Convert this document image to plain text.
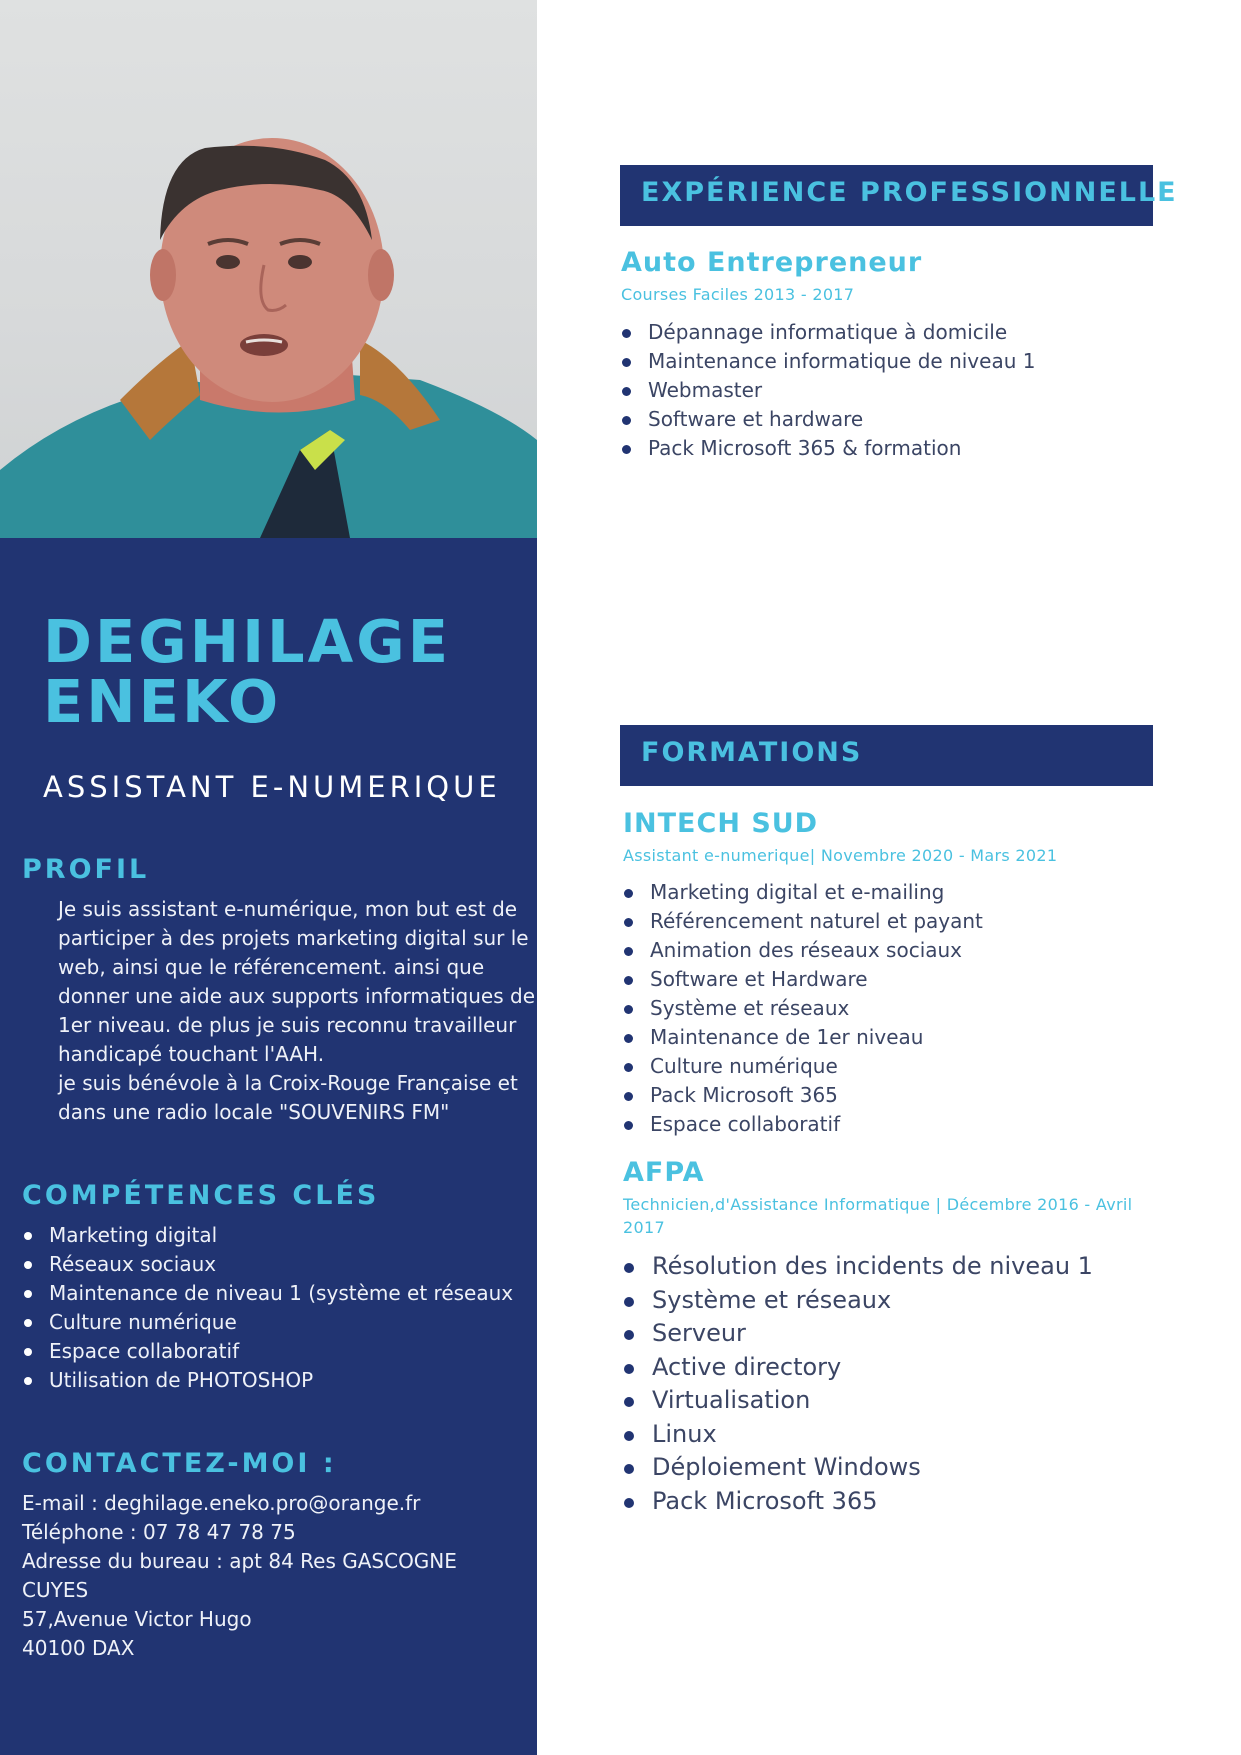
DEGHILAGE
ENEKO
ASSISTANT E-NUMERIQUE
PROFIL
Je suis assistant e-numérique, mon but est de
participer à des projets marketing digital sur le
web, ainsi que le référencement. ainsi que
donner une aide aux supports informatiques de
1er niveau. de plus je suis reconnu travailleur
handicapé touchant l'AAH.
je suis bénévole à la Croix-Rouge Française et
dans une radio locale "SOUVENIRS FM"
COMPÉTENCES CLÉS
Marketing digital
Réseaux sociaux
Maintenance de niveau 1 (système et réseaux
Culture numérique
Espace collaboratif
Utilisation de PHOTOSHOP
CONTACTEZ-MOI :
E-mail : deghilage.eneko.pro@orange.fr
Téléphone : 07 78 47 78 75
Adresse du bureau : apt 84 Res GASCOGNE
CUYES
57,Avenue Victor Hugo
40100 DAX
EXPÉRIENCE PROFESSIONNELLE
Auto Entrepreneur
Courses Faciles 2013 - 2017
Dépannage informatique à domicile
Maintenance informatique de niveau 1
Webmaster
Software et hardware
Pack Microsoft 365 & formation
FORMATIONS
INTECH SUD
Assistant e-numerique| Novembre 2020 - Mars 2021
Marketing digital et e-mailing
Référencement naturel et payant
Animation des réseaux sociaux
Software et Hardware
Système et réseaux
Maintenance de 1er niveau
Culture numérique
Pack Microsoft 365
Espace collaboratif
AFPA
Technicien,d'Assistance Informatique | Décembre 2016 - Avril
2017
Résolution des incidents de niveau 1
Système et réseaux
Serveur
Active directory
Virtualisation
Linux
Déploiement Windows
Pack Microsoft 365
